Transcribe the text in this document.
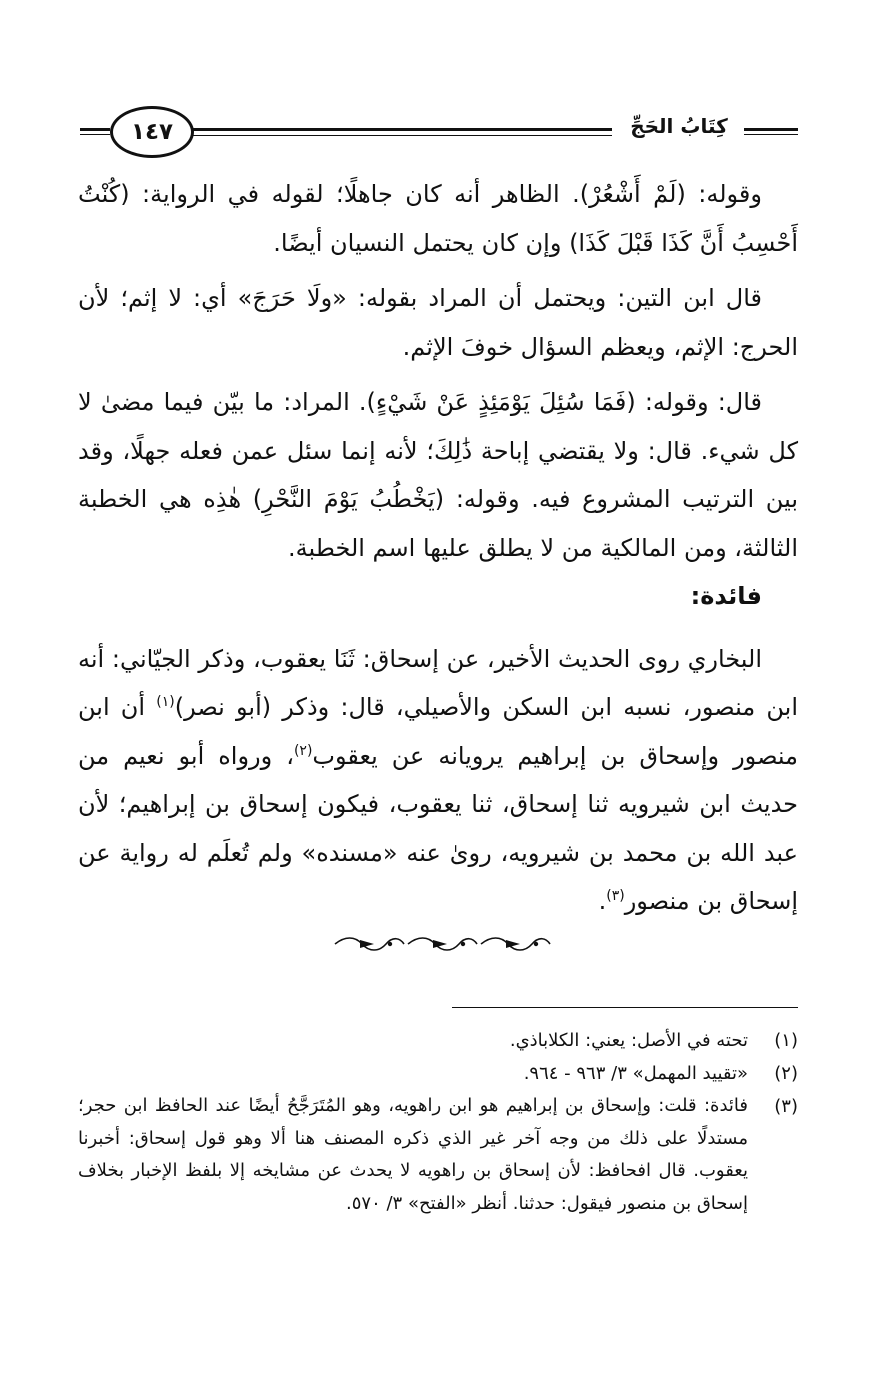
١٤٧	كِتَابُ الحَجِّ

وقوله: (لَمْ أَشْعُرْ). الظاهر أنه كان جاهلًا؛ لقوله في الرواية: (كُنْتُ أَحْسِبُ أَنَّ كَذَا قَبْلَ كَذَا) وإن كان يحتمل النسيان أيضًا.

قال ابن التين: ويحتمل أن المراد بقوله: «ولَا حَرَجَ» أي: لا إثم؛ لأن الحرج: الإثم، ويعظم السؤال خوفَ الإثم.

قال: وقوله: (فَمَا سُئِلَ يَوْمَئِذٍ عَنْ شَيْءٍ). المراد: ما بيّن فيما مضىٰ لا كل شيء. قال: ولا يقتضي إباحة ذَٰلِكَ؛ لأنه إنما سئل عمن فعله جهلًا، وقد بين الترتيب المشروع فيه. وقوله: (يَخْطُبُ يَوْمَ النَّحْرِ) هٰذِه هي الخطبة الثالثة، ومن المالكية من لا يطلق عليها اسم الخطبة.

فائدة:

البخاري روى الحديث الأخير، عن إسحاق: ثَنَا يعقوب، وذكر الجيّاني: أنه ابن منصور، نسبه ابن السكن والأصيلي، قال: وذكر (أبو نصر)$^{(١)}$ أن ابن منصور وإسحاق بن إبراهيم يرويانه عن يعقوب$^{(٢)}$، ورواه أبو نعيم من حديث ابن شيرويه ثنا إسحاق، ثنا يعقوب، فيكون إسحاق بن إبراهيم؛ لأن عبد الله بن محمد بن شيرويه، روىٰ عنه «مسنده» ولم تُعلَم له رواية عن إسحاق بن منصور$^{(٣)}$.

(١)
تحته في الأصل: يعني: الكلاباذي.
(٢)
«تقييد المهمل» ٣/ ٩٦٣ - ٩٦٤.
(٣)
فائدة: قلت: وإسحاق بن إبراهيم هو ابن راهويه، وهو المُتَرَجَّحُ أيضًا عند الحافظ ابن حجر؛ مستدلًا على ذلك من وجه آخر غير الذي ذكره المصنف هنا ألا وهو قول إسحاق: أخبرنا يعقوب. قال افحافظ: لأن إسحاق بن راهويه لا يحدث عن مشايخه إلا بلفظ الإخبار بخلاف إسحاق بن منصور فيقول: حدثنا. أنظر «الفتح» ٣/ ٥٧٠.
